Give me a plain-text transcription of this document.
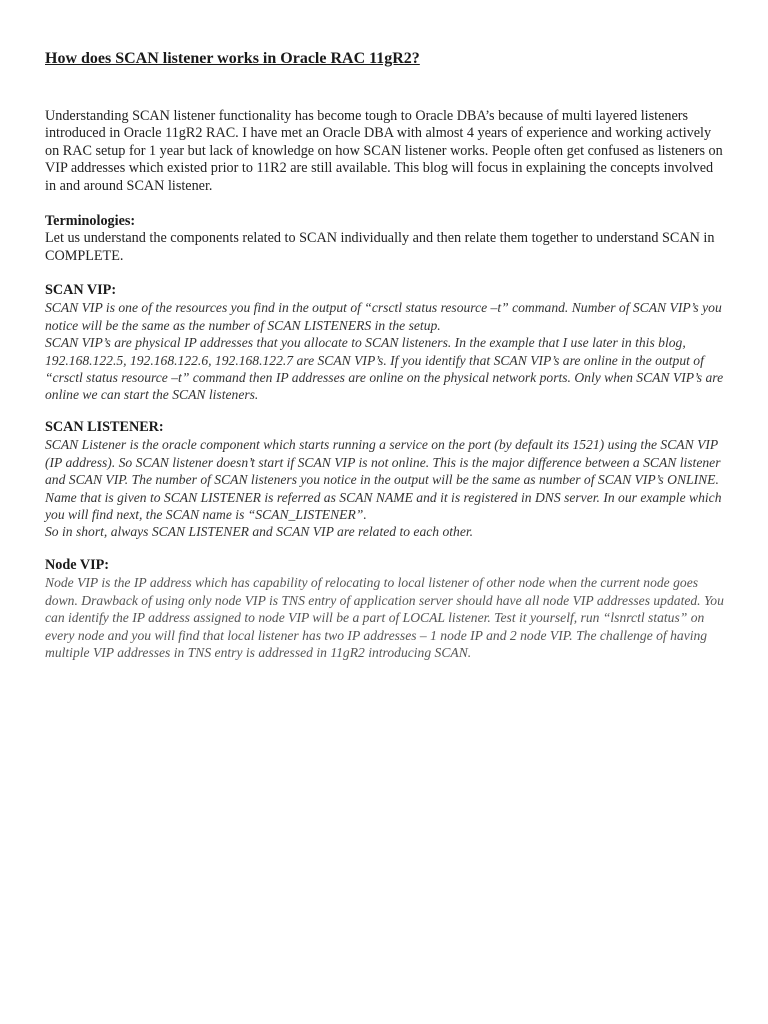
How does SCAN listener works in Oracle RAC 11gR2?

Understanding SCAN listener functionality has become tough to Oracle DBA’s because of multi layered listeners introduced in Oracle 11gR2 RAC. I have met an Oracle DBA with almost 4 years of experience and working actively on RAC setup for 1 year but lack of knowledge on how SCAN listener works. People often get confused as listeners on VIP addresses which existed prior to 11R2 are still available. This blog will focus in explaining the concepts involved in and around SCAN listener.

Terminologies:

Let us understand the components related to SCAN individually and then relate them together to understand SCAN in COMPLETE.

SCAN VIP:

SCAN VIP is one of the resources you find in the output of “crsctl status resource –t” command. Number of SCAN VIP’s you notice will be the same as the number of SCAN LISTENERS in the setup.

SCAN VIP’s are physical IP addresses that you allocate to SCAN listeners. In the example that I use later in this blog, 192.168.122.5, 192.168.122.6, 192.168.122.7 are SCAN VIP’s. If you identify that SCAN VIP’s are online in the output of “crsctl status resource –t” command then IP addresses are online on the physical network ports. Only when SCAN VIP’s are online we can start the SCAN listeners.

SCAN LISTENER:

SCAN Listener is the oracle component which starts running a service on the port (by default its 1521) using the SCAN VIP (IP address). So SCAN listener doesn’t start if SCAN VIP is not online. This is the major difference between a SCAN listener and SCAN VIP. The number of SCAN listeners you notice in the output will be the same as number of SCAN VIP’s ONLINE. Name that is given to SCAN LISTENER is referred as SCAN NAME and it is registered in DNS server. In our example which you will find next, the SCAN name is “SCAN_LISTENER”.

So in short, always SCAN LISTENER and SCAN VIP are related to each other.

Node VIP:

Node VIP is the IP address which has capability of relocating to local listener of other node when the current node goes down. Drawback of using only node VIP is TNS entry of application server should have all node VIP addresses updated. You can identify the IP address assigned to node VIP will be a part of LOCAL listener. Test it yourself, run “lsnrctl status” on every node and you will find that local listener has two IP addresses – 1 node IP and 2 node VIP. The challenge of having multiple VIP addresses in TNS entry is addressed in 11gR2 introducing SCAN.
